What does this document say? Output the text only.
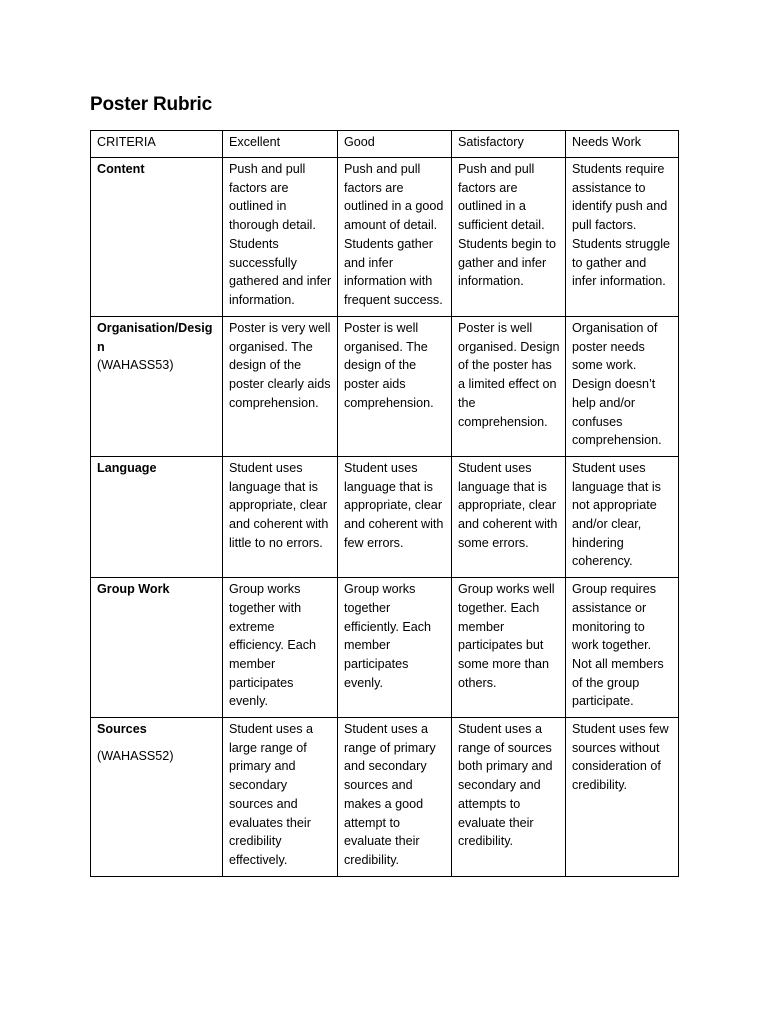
Poster Rubric
CRITERIA	Excellent	Good	Satisfactory	Needs Work

Content	Push and pull factors are outlined in thorough detail. Students successfully gathered and infer information.	Push and pull factors are outlined in a good amount of detail. Students gather and infer information with frequent success.	Push and pull factors are outlined in a sufficient detail. Students begin to gather and infer information.	Students require assistance to identify push and pull factors. Students struggle to gather and infer information.

Organisation/Design
(WAHASS53)	Poster is very well organised. The design of the poster clearly aids comprehension.	Poster is well organised. The design of the poster aids comprehension.	Poster is well organised. Design of the poster has a limited effect on the comprehension.	Organisation of poster needs some work. Design doesn’t help and/or confuses comprehension.

Language	Student uses language that is appropriate, clear and coherent with little to no errors.	Student uses language that is appropriate, clear and coherent with few errors.	Student uses language that is appropriate, clear and coherent with some errors.	Student uses language that is not appropriate and/or clear, hindering coherency.

Group Work	Group works together with extreme efficiency. Each member participates evenly.	Group works together efficiently. Each member participates evenly.	Group works well together. Each member participates but some more than others.	Group requires assistance or monitoring to work together. Not all members of the group participate.

Sources
(WAHASS52)	Student uses a large range of primary and secondary sources and evaluates their credibility effectively.	Student uses a range of primary and secondary sources and makes a good attempt to evaluate their credibility.	Student uses a range of sources both primary and secondary and attempts to evaluate their credibility.	Student uses few sources without consideration of credibility.
